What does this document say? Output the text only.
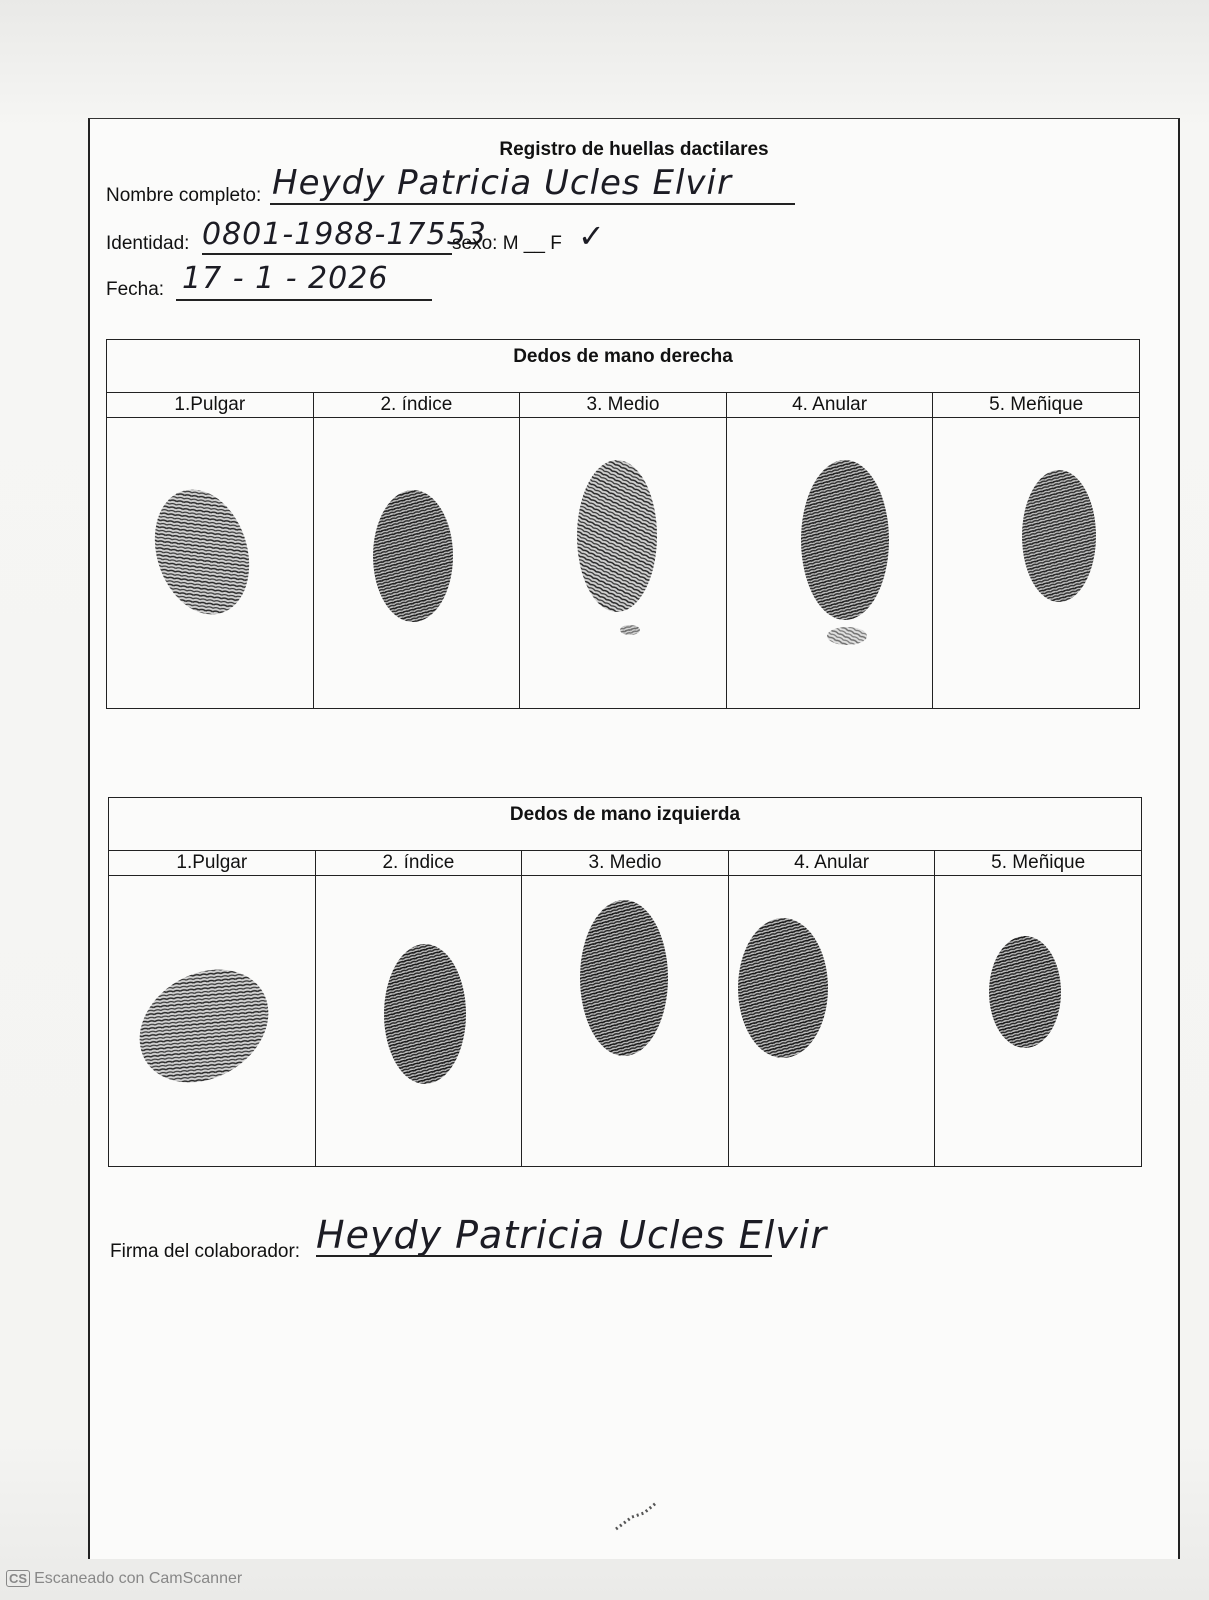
Registro de huellas dactilares
Nombre completo: Heydy Patricia Ucles Elvir
Identidad: 0801-1988-17553
sexo: M __ F ✓
Fecha: 17 - 1 - 2026
Dedos de mano derecha				
1.Pulgar	2. índice	3. Medio	4. Anular	5. Meñique

Dedos de mano izquierda				
1.Pulgar	2. índice	3. Medio	4. Anular	5. Meñique

Firma del colaborador: Heydy Patricia Ucles Elvir
CS Escaneado con CamScanner
